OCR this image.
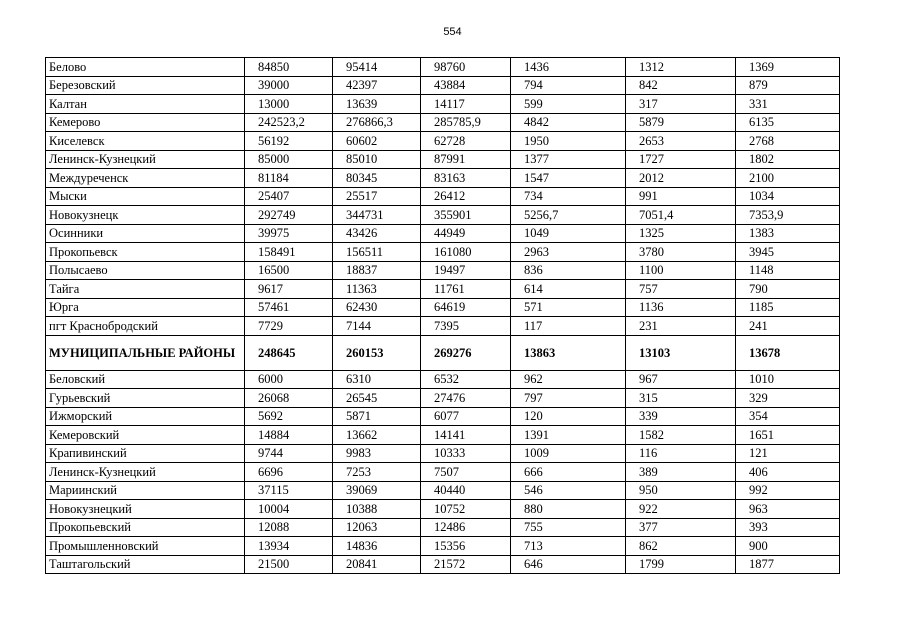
554
Белово	84850	95414	98760	1436	1312	1369
Березовский	39000	42397	43884	794	842	879
Калтан	13000	13639	14117	599	317	331
Кемерово	242523,2	276866,3	285785,9	4842	5879	6135
Киселевск	56192	60602	62728	1950	2653	2768
Ленинск-Кузнецкий	85000	85010	87991	1377	1727	1802
Междуреченск	81184	80345	83163	1547	2012	2100
Мыски	25407	25517	26412	734	991	1034
Новокузнецк	292749	344731	355901	5256,7	7051,4	7353,9
Осинники	39975	43426	44949	1049	1325	1383
Прокопьевск	158491	156511	161080	2963	3780	3945
Полысаево	16500	18837	19497	836	1100	1148
Тайга	9617	11363	11761	614	757	790
Юрга	57461	62430	64619	571	1136	1185
пгт Краснобродский	7729	7144	7395	117	231	241
МУНИЦИПАЛЬНЫЕ РАЙОНЫ	248645	260153	269276	13863	13103	13678
Беловский	6000	6310	6532	962	967	1010
Гурьевский	26068	26545	27476	797	315	329
Ижморский	5692	5871	6077	120	339	354
Кемеровский	14884	13662	14141	1391	1582	1651
Крапивинский	9744	9983	10333	1009	116	121
Ленинск-Кузнецкий	6696	7253	7507	666	389	406
Мариинский	37115	39069	40440	546	950	992
Новокузнецкий	10004	10388	10752	880	922	963
Прокопьевский	12088	12063	12486	755	377	393
Промышленновский	13934	14836	15356	713	862	900
Таштагольский	21500	20841	21572	646	1799	1877
